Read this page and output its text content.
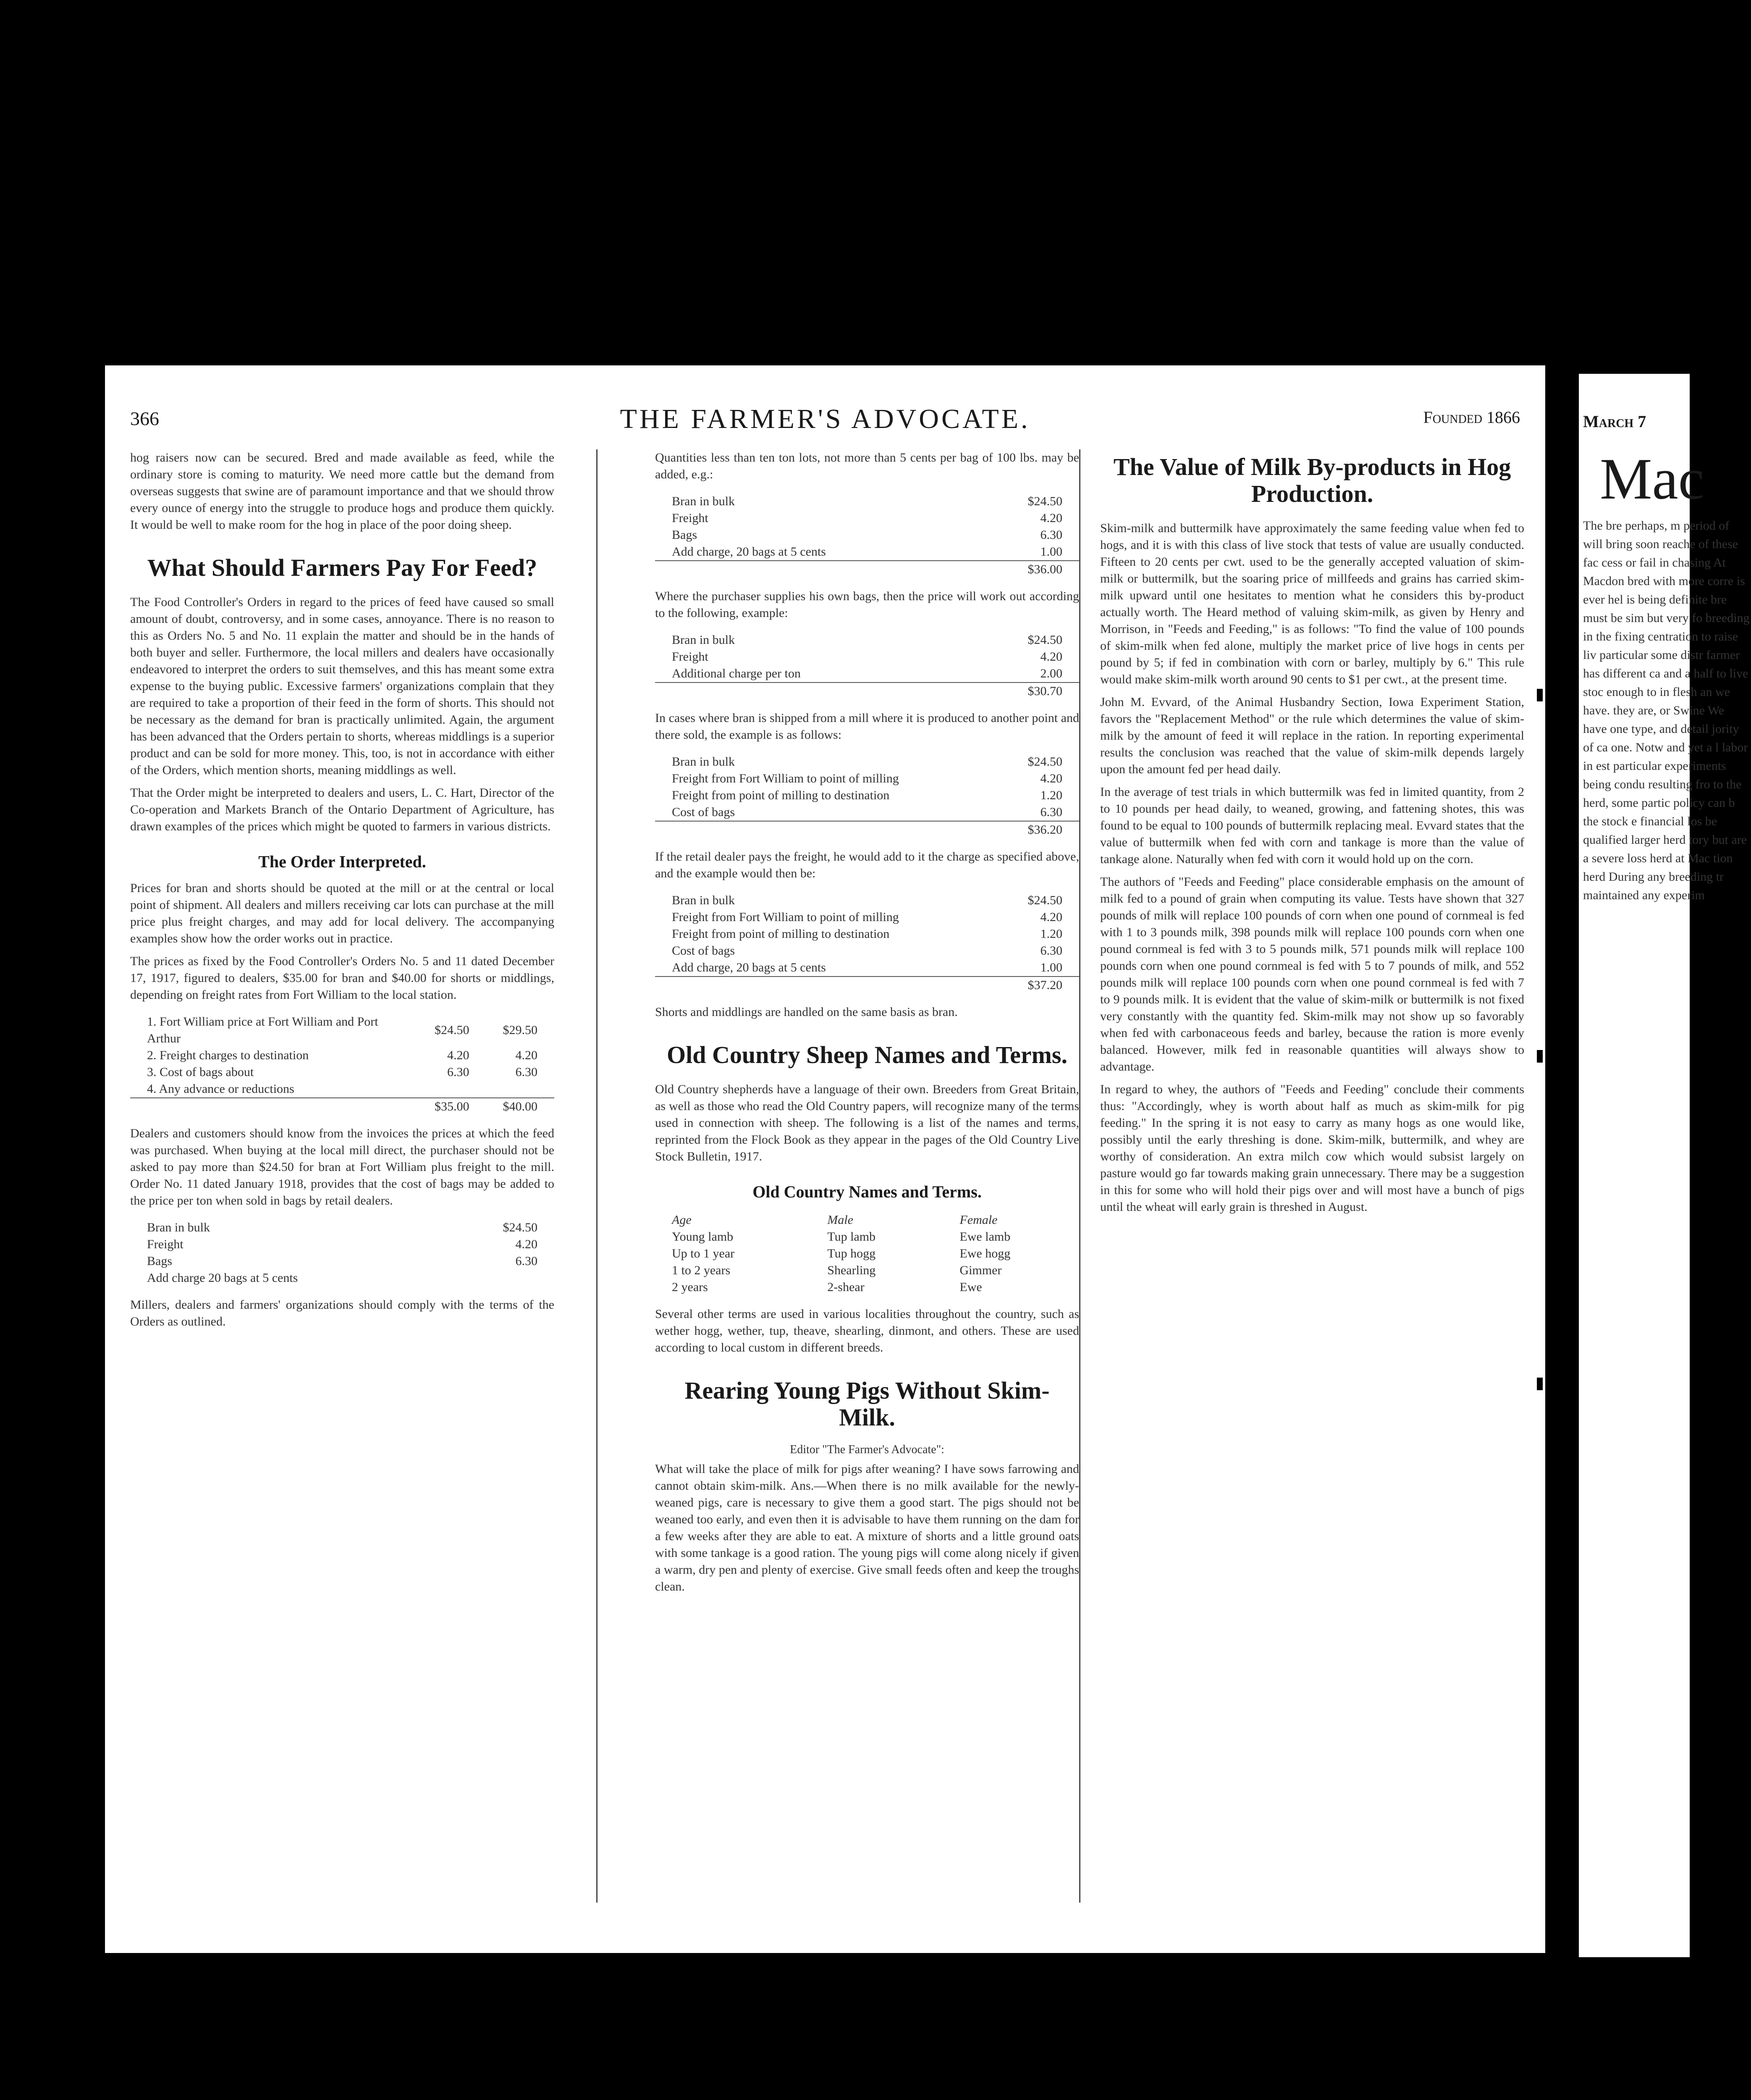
366	THE FARMER'S ADVOCATE.	Founded 1866

hog raisers now can be secured. Bred and made available as feed, while the ordinary store is coming to maturity. We need more cattle but the demand from overseas suggests that swine are of paramount importance and that we should throw every ounce of energy into the struggle to produce hogs and produce them quickly. It would be well to make room for the hog in place of the poor doing sheep.

What Should Farmers Pay For Feed?

The Food Controller's Orders in regard to the prices of feed have caused so small amount of doubt, controversy, and in some cases, annoyance. There is no reason to this as Orders No. 5 and No. 11 explain the matter and should be in the hands of both buyer and seller. Furthermore, the local millers and dealers have occasionally endeavored to interpret the orders to suit themselves, and this has meant some extra expense to the buying public. Excessive farmers' organizations complain that they are required to take a proportion of their feed in the form of shorts. This should not be necessary as the demand for bran is practically unlimited. Again, the argument has been advanced that the Orders pertain to shorts, whereas middlings is a superior product and can be sold for more money. This, too, is not in accordance with either of the Orders, which mention shorts, meaning middlings as well.

That the Order might be interpreted to dealers and users, L. C. Hart, Director of the Co-operation and Markets Branch of the Ontario Department of Agriculture, has drawn examples of the prices which might be quoted to farmers in various districts.

The Order Interpreted.

Prices for bran and shorts should be quoted at the mill or at the central or local point of shipment. All dealers and millers receiving car lots can purchase at the mill price plus freight charges, and may add for local delivery. The accompanying examples show how the order works out in practice.

The prices as fixed by the Food Controller's Orders No. 5 and 11 dated December 17, 1917, figured to dealers, $35.00 for bran and $40.00 for shorts or middlings, depending on freight rates from Fort William to the local station.

1. Fort William price at Fort William and Port Arthur	$24.50	$29.50
2. Freight charges to destination	4.20	4.20
3. Cost of bags about	6.30	6.30
4. Any advance or reductions		
	$35.00	$40.00

Dealers and customers should know from the invoices the prices at which the feed was purchased. When buying at the local mill direct, the purchaser should not be asked to pay more than $24.50 for bran at Fort William plus freight to the mill. Order No. 11 dated January 1918, provides that the cost of bags may be added to the price per ton when sold in bags by retail dealers.

Bran in bulk	$24.50
Freight	4.20
Bags	6.30
Add charge 20 bags at 5 cents	

Millers, dealers and farmers' organizations should comply with the terms of the Orders as outlined.

Quantities less than ten ton lots, not more than 5 cents per bag of 100 lbs. may be added, e.g.:

Bran in bulk	$24.50
Freight	4.20
Bags	6.30
Add charge, 20 bags at 5 cents	1.00
	$36.00

Where the purchaser supplies his own bags, then the price will work out according to the following, example:

Bran in bulk	$24.50
Freight	4.20
Additional charge per ton	2.00
	$30.70

In cases where bran is shipped from a mill where it is produced to another point and there sold, the example is as follows:

Bran in bulk	$24.50
Freight from Fort William to point of milling	4.20
Freight from point of milling to destination	1.20
Cost of bags	6.30
	$36.20

If the retail dealer pays the freight, he would add to it the charge as specified above, and the example would then be:

Bran in bulk	$24.50
Freight from Fort William to point of milling	4.20
Freight from point of milling to destination	1.20
Cost of bags	6.30
Add charge, 20 bags at 5 cents	1.00
	$37.20

Shorts and middlings are handled on the same basis as bran.

Old Country Sheep Names and Terms.

Old Country shepherds have a language of their own. Breeders from Great Britain, as well as those who read the Old Country papers, will recognize many of the terms used in connection with sheep. The following is a list of the names and terms, reprinted from the Flock Book as they appear in the pages of the Old Country Live Stock Bulletin, 1917.

Old Country Names and Terms.
Age	Male	Female
Young lamb	Tup lamb	Ewe lamb
Up to 1 year	Tup hogg	Ewe hogg
1 to 2 years	Shearling	Gimmer
2 years	2-shear	Ewe

Several other terms are used in various localities throughout the country, such as wether hogg, wether, tup, theave, shearling, dinmont, and others. These are used according to local custom in different breeds.

Rearing Young Pigs Without Skim-Milk.
Editor "The Farmer's Advocate":

What will take the place of milk for pigs after weaning? I have sows farrowing and cannot obtain skim-milk. Ans.—When there is no milk available for the newly-weaned pigs, care is necessary to give them a good start. The pigs should not be weaned too early, and even then it is advisable to have them running on the dam for a few weeks after they are able to eat. A mixture of shorts and a little ground oats with some tankage is a good ration. The young pigs will come along nicely if given a warm, dry pen and plenty of exercise. Give small feeds often and keep the troughs clean.

The Value of Milk By-products in Hog Production.

Skim-milk and buttermilk have approximately the same feeding value when fed to hogs, and it is with this class of live stock that tests of value are usually conducted. Fifteen to 20 cents per cwt. used to be the generally accepted valuation of skim-milk or buttermilk, but the soaring price of millfeeds and grains has carried skim-milk upward until one hesitates to mention what he considers this by-product actually worth. The Heard method of valuing skim-milk, as given by Henry and Morrison, in "Feeds and Feeding," is as follows: "To find the value of 100 pounds of skim-milk when fed alone, multiply the market price of live hogs in cents per pound by 5; if fed in combination with corn or barley, multiply by 6." This rule would make skim-milk worth around 90 cents to $1 per cwt., at the present time.

John M. Evvard, of the Animal Husbandry Section, Iowa Experiment Station, favors the "Replacement Method" or the rule which determines the value of skim-milk by the amount of feed it will replace in the ration. In reporting experimental results the conclusion was reached that the value of skim-milk depends largely upon the amount fed per head daily.

In the average of test trials in which buttermilk was fed in limited quantity, from 2 to 10 pounds per head daily, to weaned, growing, and fattening shotes, this was found to be equal to 100 pounds of buttermilk replacing meal. Evvard states that the value of buttermilk when fed with corn and tankage is more than the value of tankage alone. Naturally when fed with corn it would hold up on the corn.

The authors of "Feeds and Feeding" place considerable emphasis on the amount of milk fed to a pound of grain when computing its value. Tests have shown that 327 pounds of milk will replace 100 pounds of corn when one pound of cornmeal is fed with 1 to 3 pounds milk, 398 pounds milk will replace 100 pounds corn when one pound cornmeal is fed with 3 to 5 pounds milk, 571 pounds milk will replace 100 pounds corn when one pound cornmeal is fed with 5 to 7 pounds of milk, and 552 pounds milk will replace 100 pounds corn when one pound cornmeal is fed with 7 to 9 pounds milk. It is evident that the value of skim-milk or buttermilk is not fixed very constantly with the quantity fed. Skim-milk may not show up so favorably when fed with carbonaceous feeds and barley, because the ration is more evenly balanced. However, milk fed in reasonable quantities will always show to advantage.

In regard to whey, the authors of "Feeds and Feeding" conclude their comments thus: "Accordingly, whey is worth about half as much as skim-milk for pig feeding." In the spring it is not easy to carry as many hogs as one would like, possibly until the early threshing is done. Skim-milk, buttermilk, and whey are worthy of consideration. An extra milch cow which would subsist largely on pasture would go far towards making grain unnecessary. There may be a suggestion in this for some who will hold their pigs over and will most have a bunch of pigs until the wheat will early grain is threshed in August.

March 7
Mac
The bre perhaps, m period of will bring soon reache of these fac cess or fail in chasing At Macdon bred with more corre is ever hel is being definite bre must be sim but very fo breeding in the fixing centration to raise liv particular some distr farmer has different ca and a half to live stoc enough to in flesh an we have. they are, or Swine We have one type, and detail jority of ca one. Notw and yet a l labor in est particular experiments being condu resulting fro to the herd, some partic policy can b the stock e financial los be qualified larger herd tory but are a severe loss herd at Mac tion herd During any breeding tr maintained any experim
